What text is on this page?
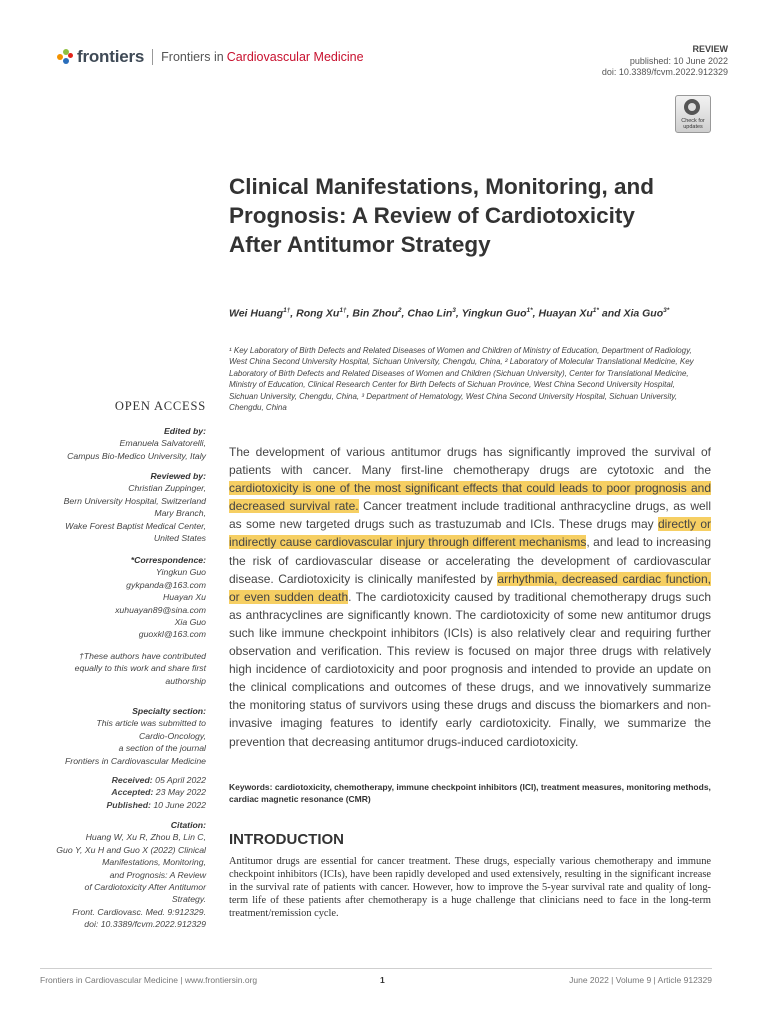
frontiers Frontiers in Cardiovascular Medicine
REVIEW
published: 10 June 2022
doi: 10.3389/fcvm.2022.912329
Check for
updates
Clinical Manifestations, Monitoring, and Prognosis: A Review of Cardiotoxicity After Antitumor Strategy
Wei Huang$^{1\dagger}$, Rong $Xu^{1\dagger}$, Bin Zhou$^2$, Chao Lin$^3$, Yingkun Guo$^{1*}$, Huayan $Xu^{1*}$ and Xia Guo$^{3*}$
¹ Key Laboratory of Birth Defects and Related Diseases of Women and Children of Ministry of Education, Department of Radiology, West China Second University Hospital, Sichuan University, Chengdu, China, ² Laboratory of Molecular Translational Medicine, Key Laboratory of Birth Defects and Related Diseases of Women and Children (Sichuan University), Center for Translational Medicine, Ministry of Education, Clinical Research Center for Birth Defects of Sichuan Province, West China Second University Hospital, Sichuan University, Chengdu, China, ³ Department of Hematology, West China Second University Hospital, Sichuan University, Chengdu, China
OPEN ACCESS
Edited by:
Emanuela Salvatorelli,
Campus Bio-Medico University, Italy
Reviewed by:
Christian Zuppinger,
Bern University Hospital, Switzerland
Mary Branch,
Wake Forest Baptist Medical Center,
United States
*Correspondence:
Yingkun Guo
gykpanda@163.com
Huayan Xu
xuhuayan89@sina.com
Xia Guo
guoxkl@163.com
†These authors have contributed
equally to this work and share first
authorship
Specialty section:
This article was submitted to
Cardio-Oncology,
a section of the journal
Frontiers in Cardiovascular Medicine
Received: 05 April 2022
Accepted: 23 May 2022
Published: 10 June 2022
Citation:
Huang W, Xu R, Zhou B, Lin C,
Guo Y, Xu H and Guo X (2022) Clinical
Manifestations, Monitoring,
and Prognosis: A Review
of Cardiotoxicity After Antitumor
Strategy.
Front. Cardiovasc. Med. 9:912329.
doi: 10.3389/fcvm.2022.912329
The development of various antitumor drugs has significantly improved the survival of patients with cancer. Many first-line chemotherapy drugs are cytotoxic and the cardiotoxicity is one of the most significant effects that could leads to poor prognosis and decreased survival rate. Cancer treatment include traditional anthracycline drugs, as well as some new targeted drugs such as trastuzumab and ICIs. These drugs may directly or indirectly cause cardiovascular injury through different mechanisms, and lead to increasing the risk of cardiovascular disease or accelerating the development of cardiovascular disease. Cardiotoxicity is clinically manifested by arrhythmia, decreased cardiac function, or even sudden death. The cardiotoxicity caused by traditional chemotherapy drugs such as anthracyclines are significantly known. The cardiotoxicity of some new antitumor drugs such like immune checkpoint inhibitors (ICIs) is also relatively clear and requiring further observation and verification. This review is focused on major three drugs with relatively high incidence of cardiotoxicity and poor prognosis and intended to provide an update on the clinical complications and outcomes of these drugs, and we innovatively summarize the monitoring status of survivors using these drugs and discuss the biomarkers and non-invasive imaging features to identify early cardiotoxicity. Finally, we summarize the prevention that decreasing antitumor drugs-induced cardiotoxicity.
Keywords: cardiotoxicity, chemotherapy, immune checkpoint inhibitors (ICI), treatment measures, monitoring methods, cardiac magnetic resonance (CMR)
INTRODUCTION
Antitumor drugs are essential for cancer treatment. These drugs, especially various chemotherapy and immune checkpoint inhibitors (ICIs), have been rapidly developed and used extensively, resulting in the significant increase in the survival rate of patients with cancer. However, how to improve the 5-year survival rate and quality of long-term life of these patients after chemotherapy is a huge challenge that clinicians need to face in the long-term treatment/remission cycle.
Frontiers in Cardiovascular Medicine | www.frontiersin.org	1	June 2022 | Volume 9 | Article 912329
